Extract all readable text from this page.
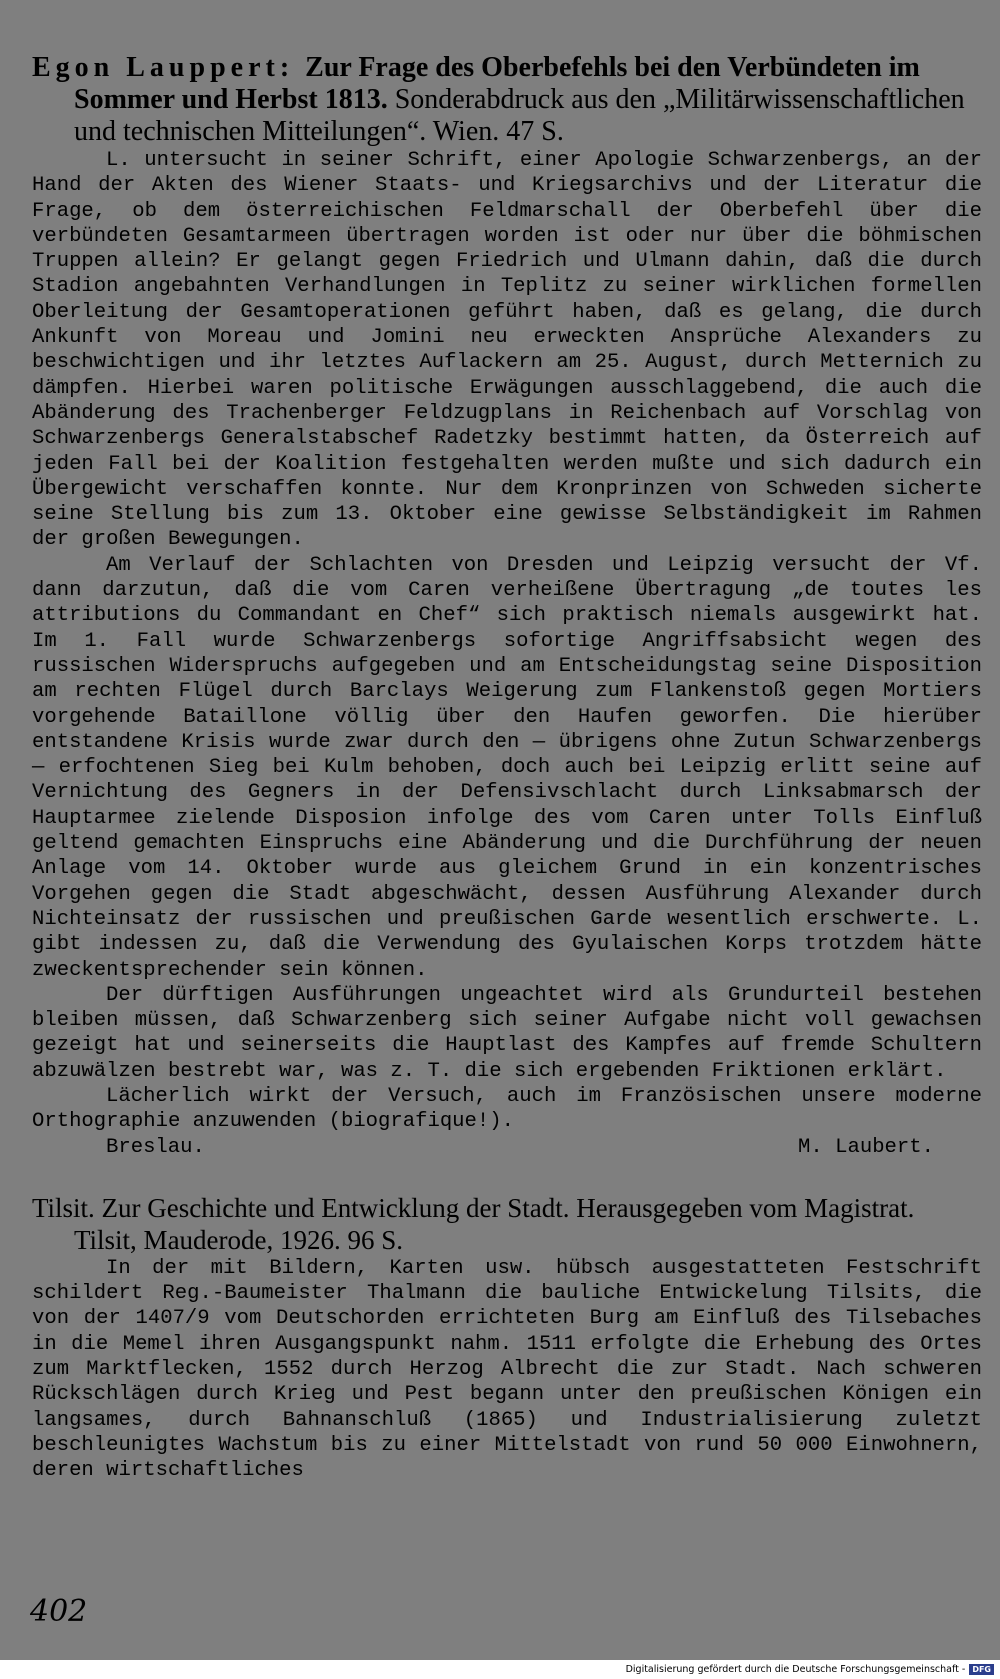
Egon Lauppert: Zur Frage des Oberbefehls bei den Verbündeten im Sommer und Herbst 1813. Sonderabdruck aus den „Militärwissenschaftlichen und technischen Mitteilungen“. Wien. 47 S.

L. untersucht in seiner Schrift, einer Apologie Schwarzenbergs, an der Hand der Akten des Wiener Staats- und Kriegsarchivs und der Literatur die Frage, ob dem österreichischen Feldmarschall der Oberbefehl über die verbündeten Gesamtarmeen übertragen worden ist oder nur über die böhmischen Truppen allein? Er gelangt gegen Friedrich und Ulmann dahin, daß die durch Stadion angebahnten Verhandlungen in Teplitz zu seiner wirklichen formellen Oberleitung der Gesamtoperationen geführt haben, daß es gelang, die durch Ankunft von Moreau und Jomini neu erweckten Ansprüche Alexanders zu beschwichtigen und ihr letztes Auflackern am 25. August, durch Metternich zu dämpfen. Hierbei waren politische Erwägungen ausschlaggebend, die auch die Abänderung des Trachenberger Feldzugplans in Reichenbach auf Vorschlag von Schwarzenbergs Generalstabschef Radetzky bestimmt hatten, da Österreich auf jeden Fall bei der Koalition festgehalten werden mußte und sich dadurch ein Übergewicht verschaffen konnte. Nur dem Kronprinzen von Schweden sicherte seine Stellung bis zum 13. Oktober eine gewisse Selbständigkeit im Rahmen der großen Bewegungen.

Am Verlauf der Schlachten von Dresden und Leipzig versucht der Vf. dann darzutun, daß die vom Caren verheißene Übertragung „de toutes les attributions du Commandant en Chef“ sich praktisch niemals ausgewirkt hat. Im 1. Fall wurde Schwarzenbergs sofortige Angriffsabsicht wegen des russischen Widerspruchs aufgegeben und am Entscheidungstag seine Disposition am rechten Flügel durch Barclays Weigerung zum Flankenstoß gegen Mortiers vorgehende Bataillone völlig über den Haufen geworfen. Die hierüber entstandene Krisis wurde zwar durch den — übrigens ohne Zutun Schwarzenbergs — erfochtenen Sieg bei Kulm behoben, doch auch bei Leipzig erlitt seine auf Vernichtung des Gegners in der Defensivschlacht durch Linksabmarsch der Hauptarmee zielende Disposion infolge des vom Caren unter Tolls Einfluß geltend gemachten Einspruchs eine Abänderung und die Durchführung der neuen Anlage vom 14. Oktober wurde aus gleichem Grund in ein konzentrisches Vorgehen gegen die Stadt abgeschwächt, dessen Ausführung Alexander durch Nichteinsatz der russischen und preußischen Garde wesentlich erschwerte. L. gibt indessen zu, daß die Verwendung des Gyulaischen Korps trotzdem hätte zweckentsprechender sein können.

Der dürftigen Ausführungen ungeachtet wird als Grundurteil bestehen bleiben müssen, daß Schwarzenberg sich seiner Aufgabe nicht voll gewachsen gezeigt hat und seinerseits die Hauptlast des Kampfes auf fremde Schultern abzuwälzen bestrebt war, was z. T. die sich ergebenden Friktionen erklärt.

Lächerlich wirkt der Versuch, auch im Französischen unsere moderne Orthographie anzuwenden (biografique!).

Breslau.	M. Laubert.

Tilsit. Zur Geschichte und Entwicklung der Stadt. Herausgegeben vom Magistrat. Tilsit, Mauderode, 1926. 96 S.

In der mit Bildern, Karten usw. hübsch ausgestatteten Festschrift schildert Reg.-Baumeister Thalmann die bauliche Entwickelung Tilsits, die von der 1407/9 vom Deutschorden errichteten Burg am Einfluß des Tilsebaches in die Memel ihren Ausgangspunkt nahm. 1511 erfolgte die Erhebung des Ortes zum Marktflecken, 1552 durch Herzog Albrecht die zur Stadt. Nach schweren Rückschlägen durch Krieg und Pest begann unter den preußischen Königen ein langsames, durch Bahnanschluß (1865) und Industrialisierung zuletzt beschleunigtes Wachstum bis zu einer Mittelstadt von rund 50 000 Einwohnern, deren wirtschaftliches

402
Digitalisierung gefördert durch die Deutsche Forschungsgemeinschaft - DFG
